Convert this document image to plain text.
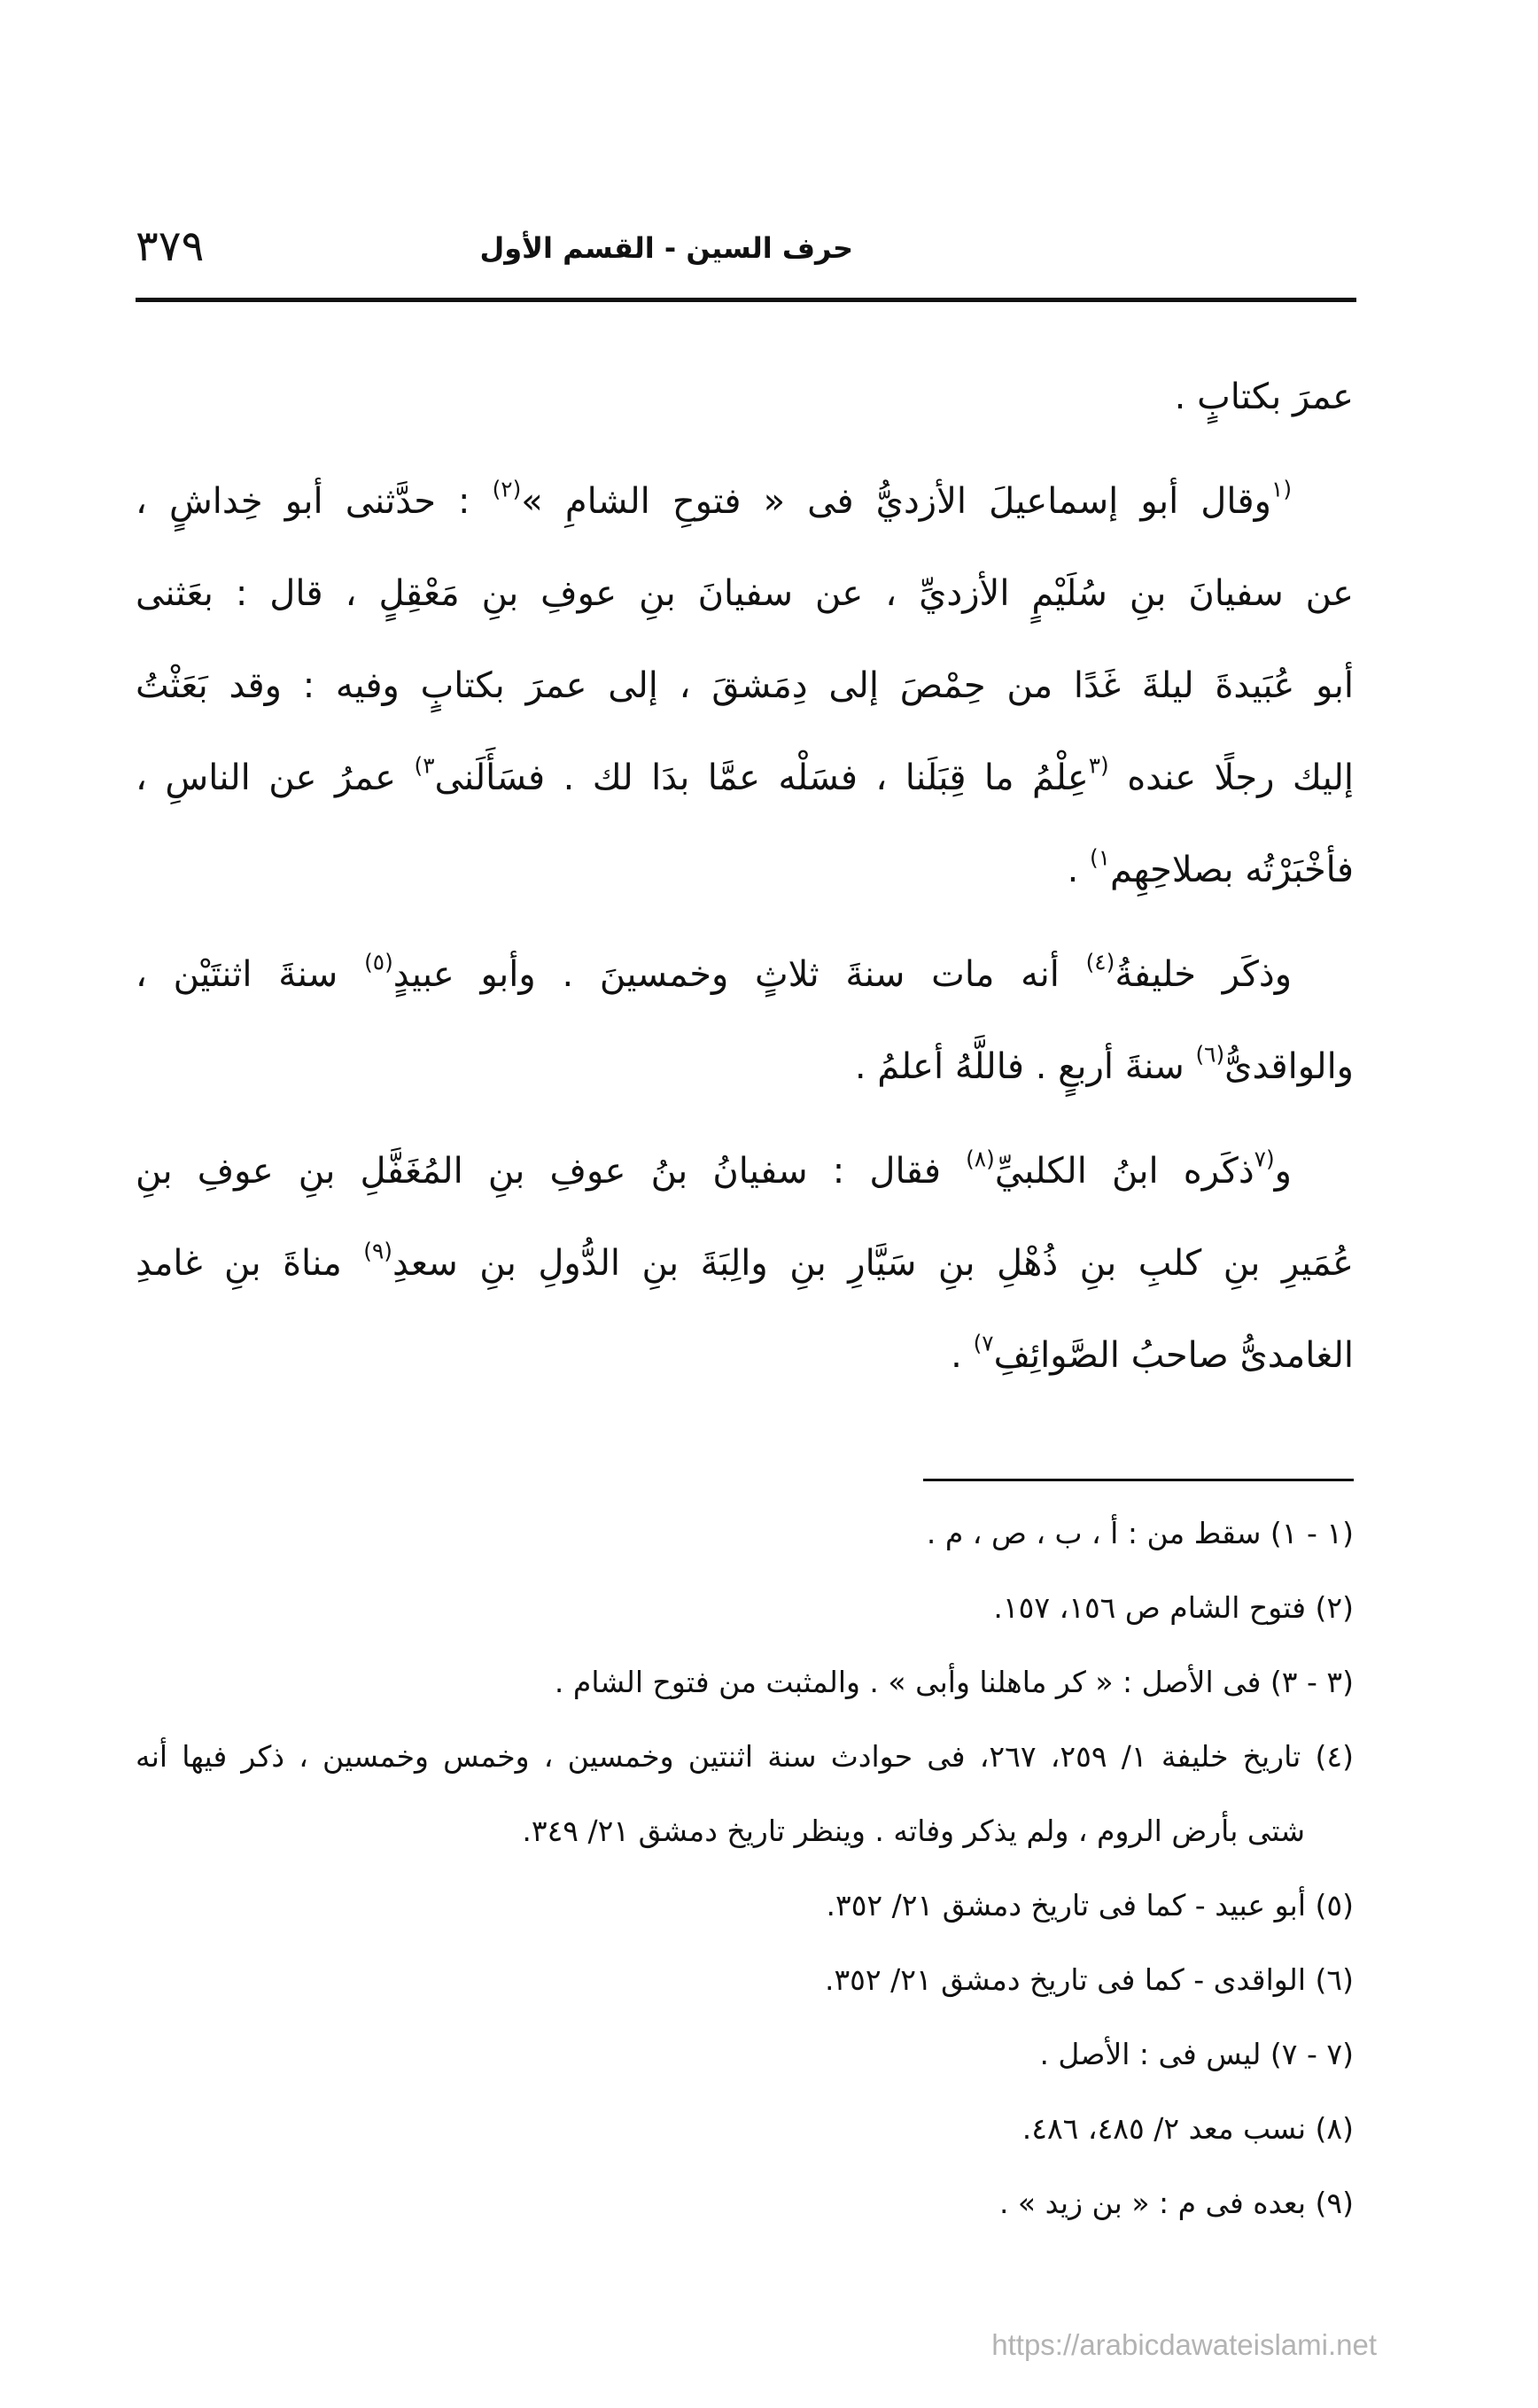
٣٧٩	حرف السين - القسم الأول
عمرَ بكتابٍ .
$^{(١}$وقال أبو إسماعيلَ الأزديُّ فى « فتوحِ الشامِ »$^{(٢)}$ : حدَّثنى أبو خِداشٍ ،
عن سفيانَ بنِ سُلَيْمٍ الأزديِّ ، عن سفيانَ بنِ عوفِ بنِ مَعْقِلٍ ، قال : بعَثنى
أبو عُبَيدةَ ليلةَ غَدًا من حِمْصَ إلى دِمَشقَ ، إلى عمرَ بكتابٍ وفيه : وقد بَعَثْتُ
إليك رجلًا عنده $^{(٣}$عِلْمُ ما قِبَلَنا ، فسَلْه عمَّا بدَا لك . فسَأَلَنى$^{٣)}$ عمرُ عن الناسِ ،
فأخْبَرْتُه بصلاحِهِم$^{١)}$ .
وذكَر خليفةُ$^{(٤)}$ أنه مات سنةَ ثلاثٍ وخمسينَ . وأبو عبيدٍ$^{(٥)}$ سنةَ اثنتَيْن ،
والواقدىُّ$^{(٦)}$ سنةَ أربعٍ . فاللَّهُ أعلمُ .
و$^{(٧}$ذكَره ابنُ الكلبيِّ$^{(٨)}$ فقال : سفيانُ بنُ عوفِ بنِ المُغَفَّلِ بنِ عوفِ بنِ
عُمَيرِ بنِ كلبِ بنِ ذُهْلِ بنِ سَيَّارِ بنِ والِبَةَ بنِ الدُّولِ بنِ سعدِ$^{(٩)}$ مناةَ بنِ غامدِ
الغامدىُّ صاحبُ الصَّوائِفِ$^{٧)}$ .
(١ - ١) سقط من : أ ، ب ، ص ، م .
(٢) فتوح الشام ص ١٥٦، ١٥٧.
(٣ - ٣) فى الأصل : « كر ماهلنا وأبى » . والمثبت من فتوح الشام .
(٤) تاريخ خليفة ١/ ٢٥٩، ٢٦٧، فى حوادث سنة اثنتين وخمسين ، وخمس وخمسين ، ذكر فيها أنه
شتى بأرض الروم ، ولم يذكر وفاته . وينظر تاريخ دمشق ٢١/ ٣٤٩.
(٥) أبو عبيد - كما فى تاريخ دمشق ٢١/ ٣٥٢.
(٦) الواقدى - كما فى تاريخ دمشق ٢١/ ٣٥٢.
(٧ - ٧) ليس فى : الأصل .
(٨) نسب معد ٢/ ٤٨٥، ٤٨٦.
(٩) بعده فى م : « بن زيد » .
https://arabicdawateislami.net
